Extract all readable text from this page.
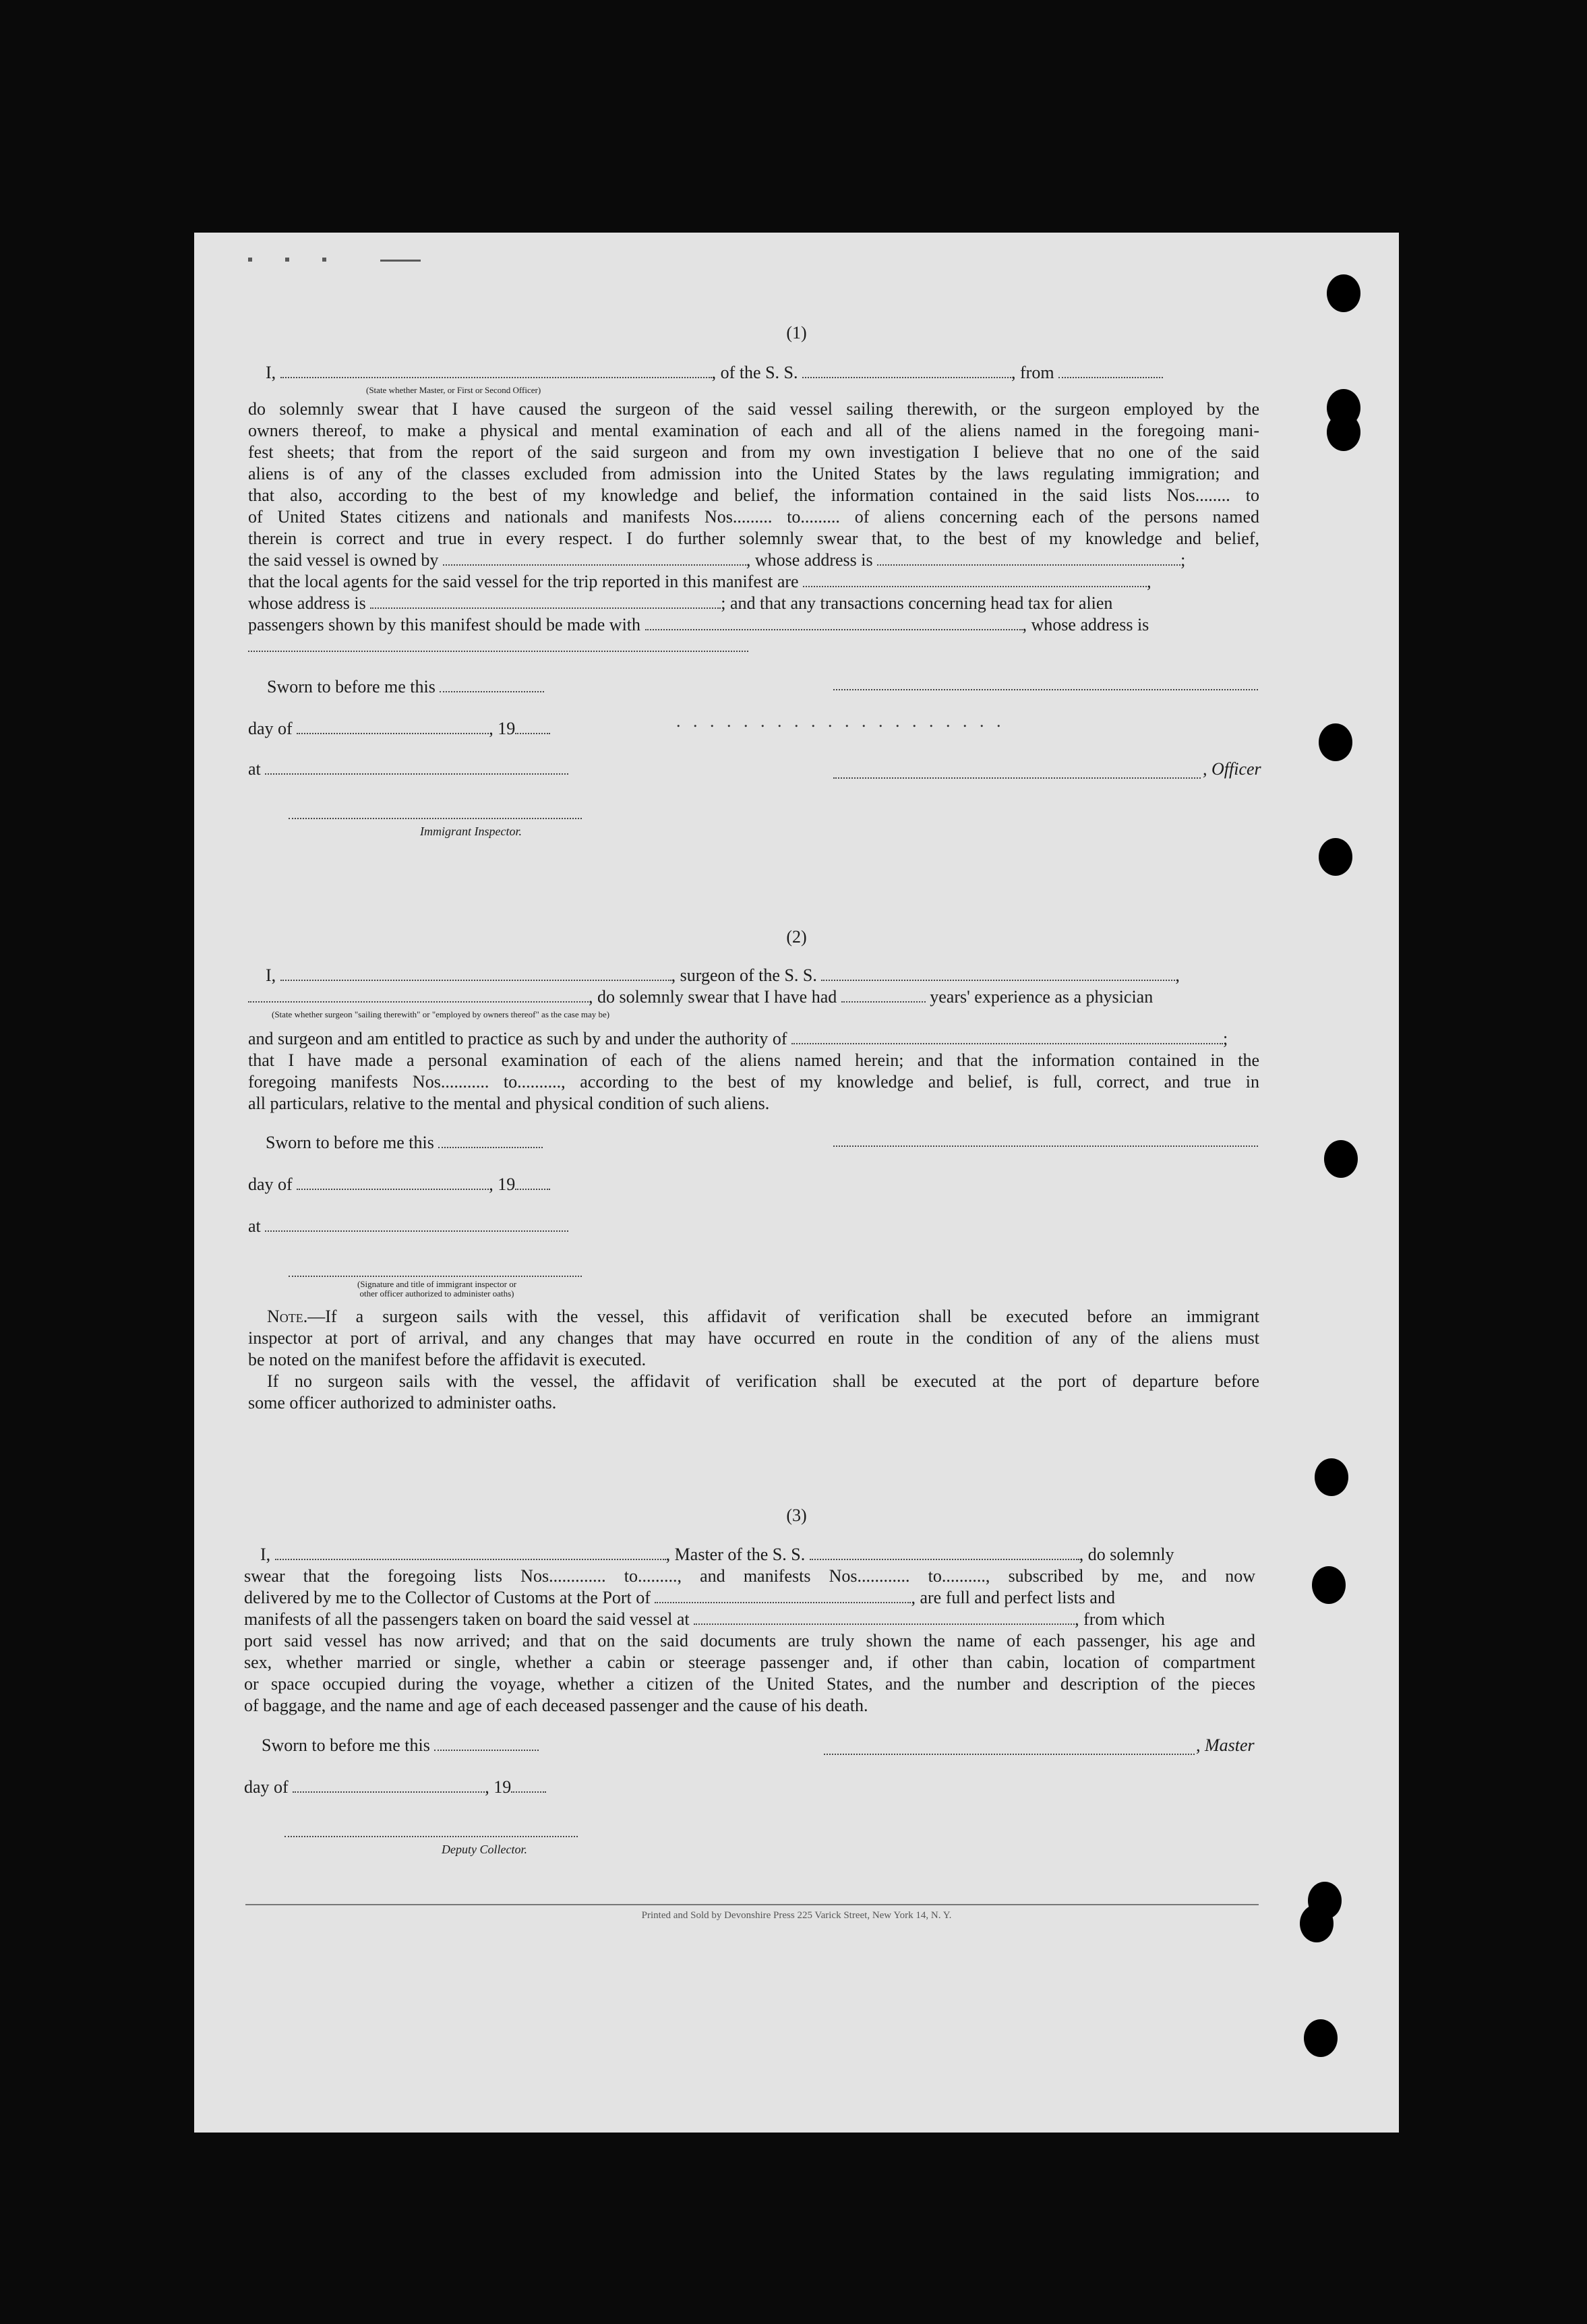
(1)
I,	, of the S. S.	, from
(State whether Master, or First or Second Officer)
do solemnly swear that I have caused the surgeon of the said vessel sailing therewith, or the surgeon employed by the
owners thereof, to make a physical and mental examination of each and all of the aliens named in the foregoing mani-
fest sheets; that from the report of the said surgeon and from my own investigation I believe that no one of the said
aliens is of any of the classes excluded from admission into the United States by the laws regulating immigration; and
that also, according to the best of my knowledge and belief, the information contained in the said lists Nos........ to
of United States citizens and nationals and manifests Nos......... to......... of aliens concerning each of the persons named
therein is correct and true in every respect. I do further solemnly swear that, to the best of my knowledge and belief,
the said vessel is owned by	, whose address is	;
that the local agents for the said vessel for the trip reported in this manifest are	,
whose address is	; and that any transactions concerning head tax for alien
passengers shown by this manifest should be made with	, whose address is
Sworn to before me this
day of	, 19	. . . . . . . . . . . . . . . . . . . .
at	, Officer
Immigrant Inspector.
(2)
I,	, surgeon of the S. S.	,
, do solemnly swear that I have had	years' experience as a physician
(State whether surgeon "sailing therewith" or "employed by owners thereof" as the case may be)
and surgeon and am entitled to practice as such by and under the authority of	;
that I have made a personal examination of each of the aliens named herein; and that the information contained in the
foregoing manifests Nos........... to.........., according to the best of my knowledge and belief, is full, correct, and true in
all particulars, relative to the mental and physical condition of such aliens.
Sworn to before me this
day of	, 19
at
(Signature and title of immigrant inspector or
other officer authorized to administer oaths)
Note.—If a surgeon sails with the vessel, this affidavit of verification shall be executed before an immigrant
inspector at port of arrival, and any changes that may have occurred en route in the condition of any of the aliens must
be noted on the manifest before the affidavit is executed.
If no surgeon sails with the vessel, the affidavit of verification shall be executed at the port of departure before
some officer authorized to administer oaths.
(3)
I,	, Master of the S. S.	, do solemnly
swear that the foregoing lists Nos............. to........., and manifests Nos............ to.........., subscribed by me, and now
delivered by me to the Collector of Customs at the Port of	, are full and perfect lists and
manifests of all the passengers taken on board the said vessel at	, from which
port said vessel has now arrived; and that on the said documents are truly shown the name of each passenger, his age and
sex, whether married or single, whether a cabin or steerage passenger and, if other than cabin, location of compartment
or space occupied during the voyage, whether a citizen of the United States, and the number and description of the pieces
of baggage, and the name and age of each deceased passenger and the cause of his death.
Sworn to before me this	, Master
day of	, 19
Deputy Collector.
Printed and Sold by Devonshire Press 225 Varick Street, New York 14, N. Y.
